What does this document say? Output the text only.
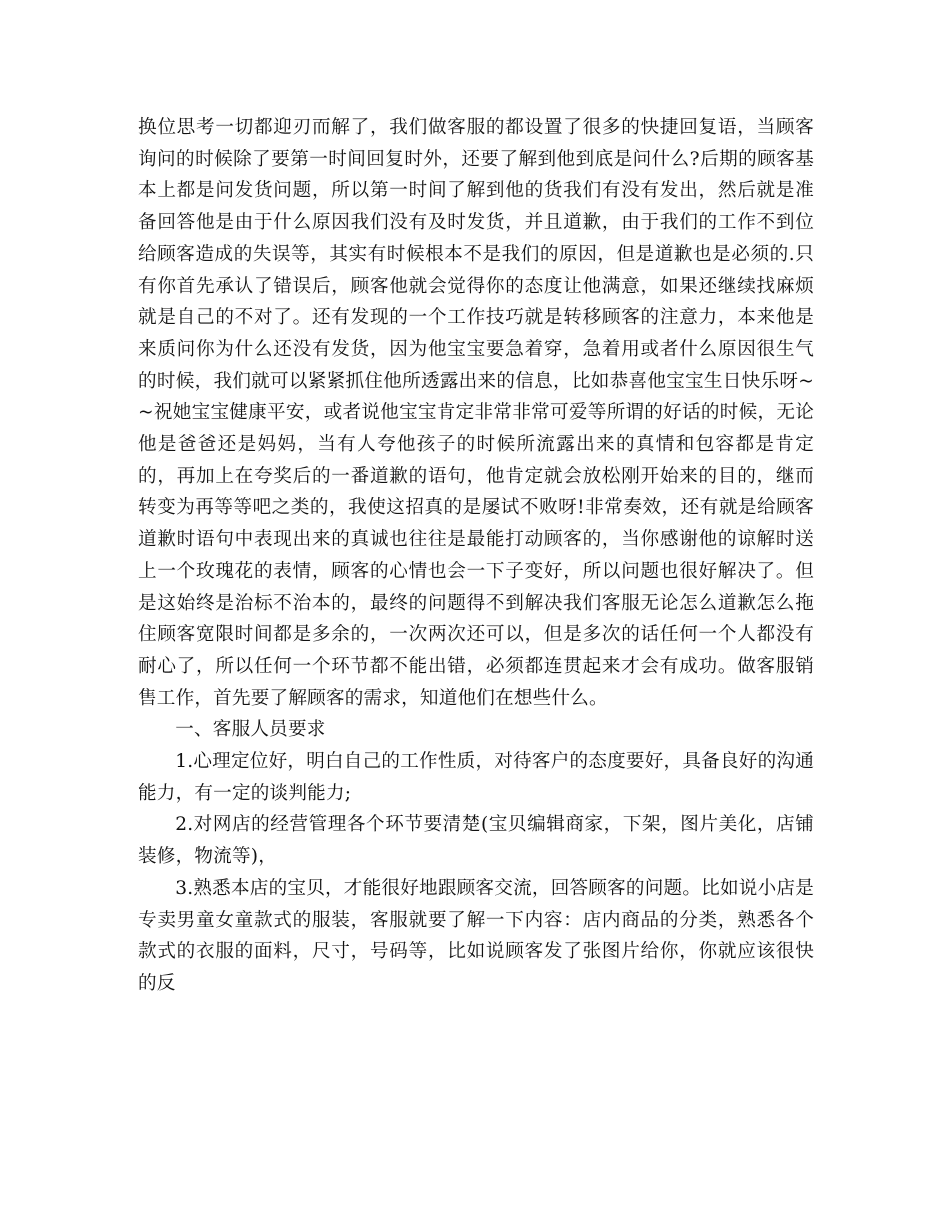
换位思考一切都迎刃而解了，我们做客服的都设置了很多的快捷回复语，当顾客询问的时候除了要第一时间回复时外，还要了解到他到底是问什么?后期的顾客基本上都是问发货问题，所以第一时间了解到他的货我们有没有发出，然后就是准备回答他是由于什么原因我们没有及时发货，并且道歉，由于我们的工作不到位给顾客造成的失误等，其实有时候根本不是我们的原因，但是道歉也是必须的.只有你首先承认了错误后，顾客他就会觉得你的态度让他满意，如果还继续找麻烦就是自己的不对了。还有发现的一个工作技巧就是转移顾客的注意力，本来他是来质问你为什么还没有发货，因为他宝宝要急着穿，急着用或者什么原因很生气的时候，我们就可以紧紧抓住他所透露出来的信息，比如恭喜他宝宝生日快乐呀~~祝她宝宝健康平安，或者说他宝宝肯定非常非常可爱等所谓的好话的时候，无论他是爸爸还是妈妈，当有人夸他孩子的时候所流露出来的真情和包容都是肯定的，再加上在夸奖后的一番道歉的语句，他肯定就会放松刚开始来的目的，继而转变为再等等吧之类的，我使这招真的是屡试不败呀!非常奏效，还有就是给顾客道歉时语句中表现出来的真诚也往往是最能打动顾客的，当你感谢他的谅解时送上一个玫瑰花的表情，顾客的心情也会一下子变好，所以问题也很好解决了。但是这始终是治标不治本的，最终的问题得不到解决我们客服无论怎么道歉怎么拖住顾客宽限时间都是多余的，一次两次还可以，但是多次的话任何一个人都没有耐心了，所以任何一个环节都不能出错，必须都连贯起来才会有成功。做客服销售工作，首先要了解顾客的需求，知道他们在想些什么。

一、客服人员要求

1.心理定位好，明白自己的工作性质，对待客户的态度要好，具备良好的沟通能力，有一定的谈判能力;

2.对网店的经营管理各个环节要清楚(宝贝编辑商家，下架，图片美化，店铺装修，物流等)，

3.熟悉本店的宝贝，才能很好地跟顾客交流，回答顾客的问题。比如说小店是专卖男童女童款式的服装，客服就要了解一下内容：店内商品的分类，熟悉各个款式的衣服的面料，尺寸，号码等，比如说顾客发了张图片给你，你就应该很快的反
